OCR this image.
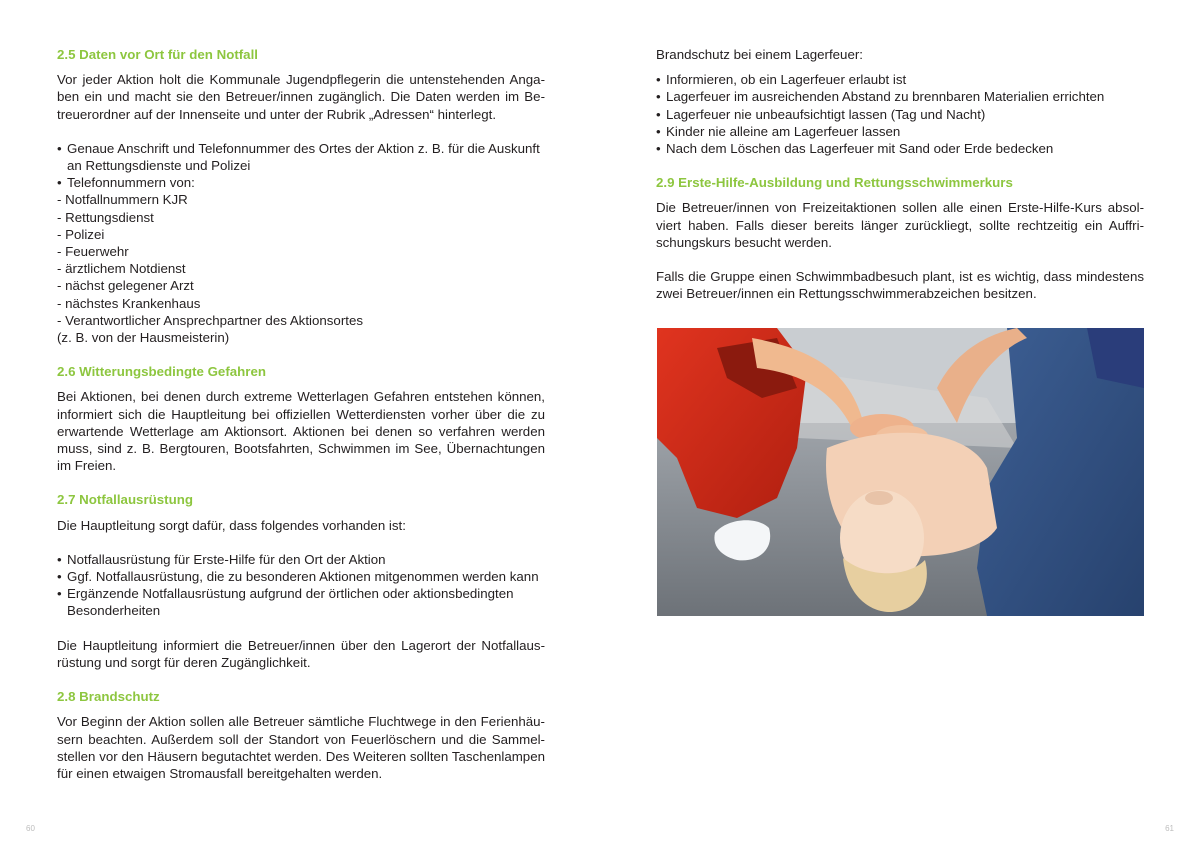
2.5 Daten vor Ort für den Notfall

Vor jeder Aktion holt die Kommunale Jugendpflegerin die untenstehenden Anga-ben ein und macht sie den Betreuer/innen zugänglich. Die Daten werden im Be-treuerordner auf der Innenseite und unter der Rubrik „Adressen“ hinterlegt.

• Genaue Anschrift und Telefonnummer des Ortes der Aktion z. B. für die Auskunft
an Rettungsdienste und Polizei
• Telefonnummern von:
- Notfallnummern KJR
- Rettungsdienst
- Polizei
- Feuerwehr
- ärztlichem Notdienst
- nächst gelegener Arzt
- nächstes Krankenhaus
- Verantwortlicher Ansprechpartner des Aktionsortes
(z. B. von der Hausmeisterin)
2.6 Witterungsbedingte Gefahren

Bei Aktionen, bei denen durch extreme Wetterlagen Gefahren entstehen können, informiert sich die Hauptleitung bei offiziellen Wetterdiensten vorher über die zu erwartende Wetterlage am Aktionsort. Aktionen bei denen so verfahren werden muss, sind z. B. Bergtouren, Bootsfahrten, Schwimmen im See, Übernachtungen im Freien.

2.7 Notfallausrüstung

Die Hauptleitung sorgt dafür, dass folgendes vorhanden ist:

• Notfallausrüstung für Erste-Hilfe für den Ort der Aktion
• Ggf. Notfallausrüstung, die zu besonderen Aktionen mitgenommen werden kann
• Ergänzende Notfallausrüstung aufgrund der örtlichen oder aktionsbedingten Besonderheiten

Die Hauptleitung informiert die Betreuer/innen über den Lagerort der Notfallaus-rüstung und sorgt für deren Zugänglichkeit.

2.8 Brandschutz

Vor Beginn der Aktion sollen alle Betreuer sämtliche Fluchtwege in den Ferienhäu-sern beachten. Außerdem soll der Standort von Feuerlöschern und die Sammel-stellen vor den Häusern begutachtet werden. Des Weiteren sollten Taschenlampen für einen etwaigen Stromausfall bereitgehalten werden.

60

Brandschutz bei einem Lagerfeuer:

• Informieren, ob ein Lagerfeuer erlaubt ist
• Lagerfeuer im ausreichenden Abstand zu brennbaren Materialien errichten
• Lagerfeuer nie unbeaufsichtigt lassen (Tag und Nacht)
• Kinder nie alleine am Lagerfeuer lassen
• Nach dem Löschen das Lagerfeuer mit Sand oder Erde bedecken
2.9 Erste-Hilfe-Ausbildung und Rettungsschwimmerkurs

Die Betreuer/innen von Freizeitaktionen sollen alle einen Erste-Hilfe-Kurs absol-viert haben. Falls dieser bereits länger zurückliegt, sollte rechtzeitig ein Auffri-schungskurs besucht werden.

Falls die Gruppe einen Schwimmbadbesuch plant, ist es wichtig, dass mindestens zwei Betreuer/innen ein Rettungsschwimmerabzeichen besitzen.

61
